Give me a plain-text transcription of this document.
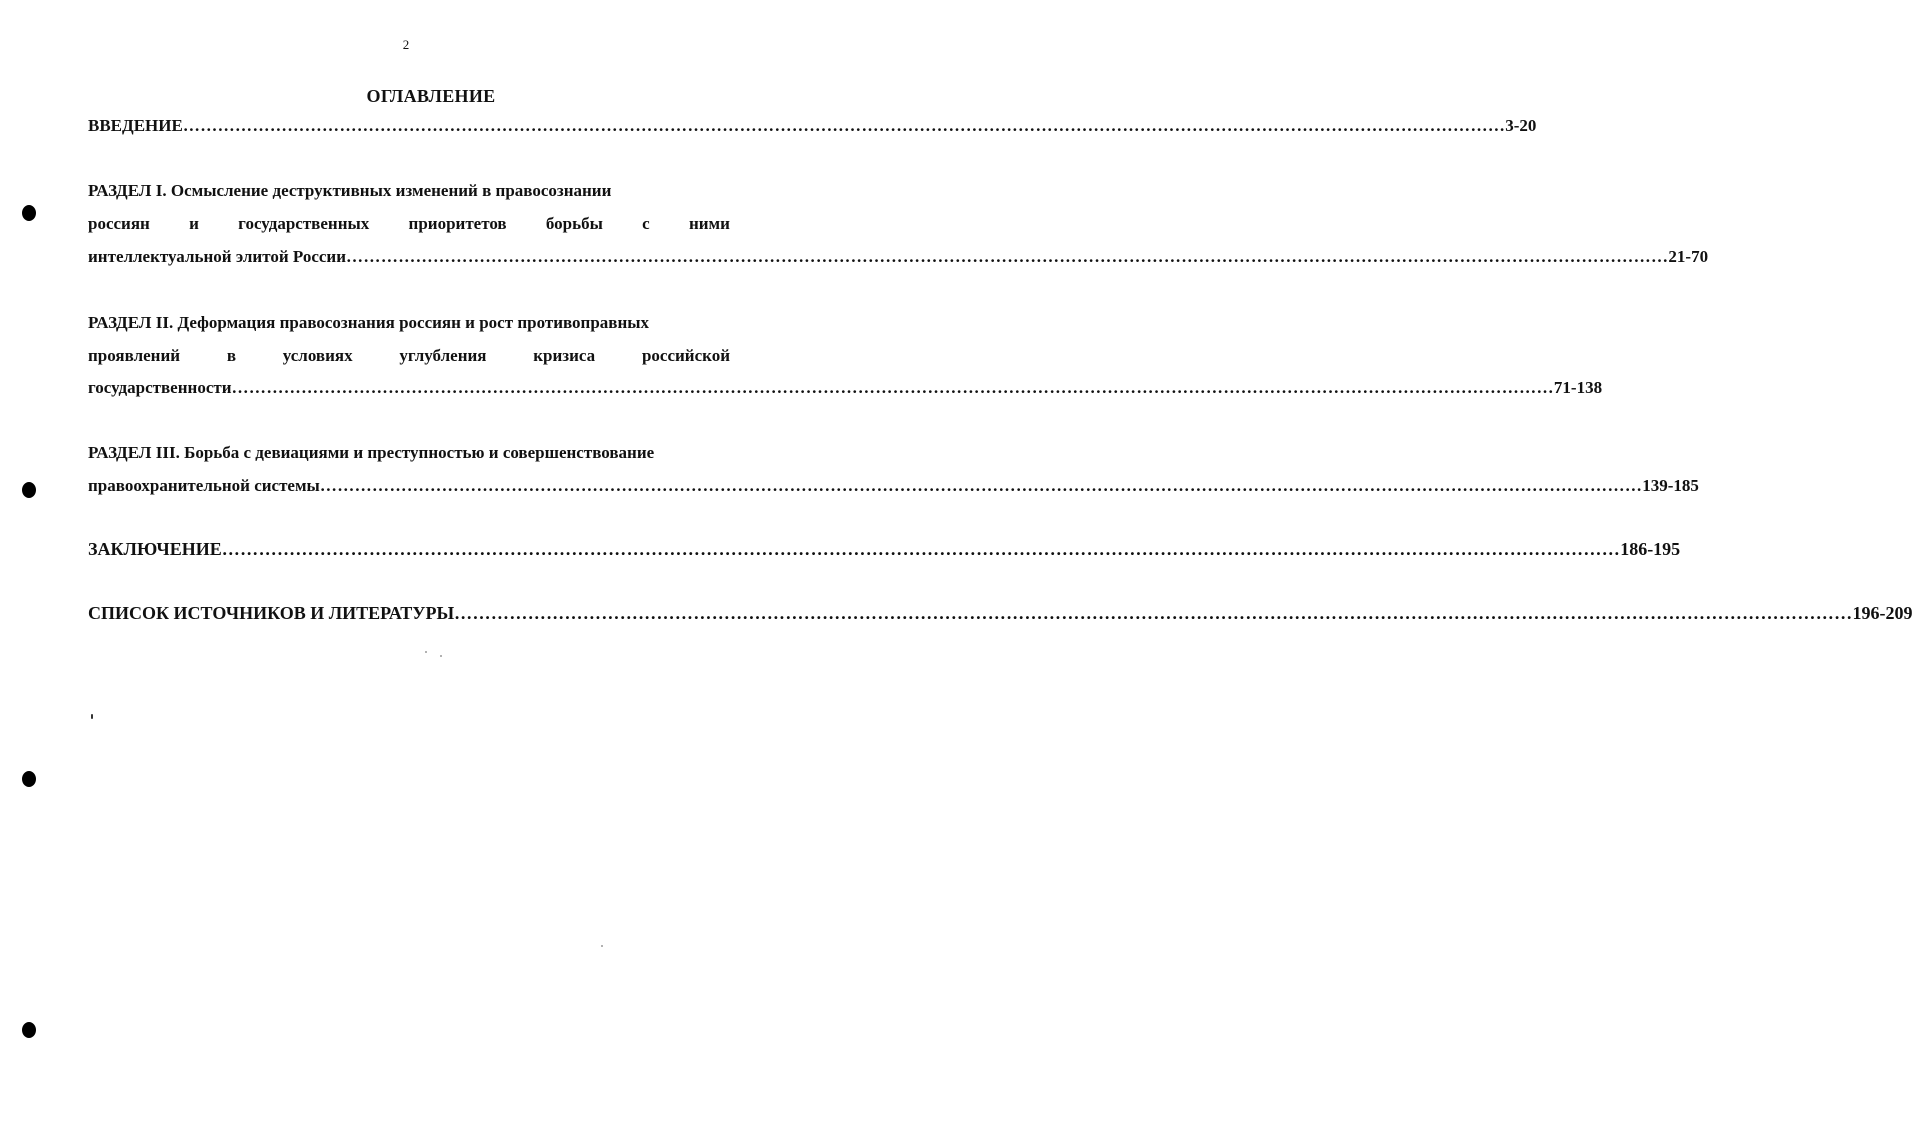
2
ОГЛАВЛЕНИЕ
ВВЕДЕНИЕ ………………………………………………………………………………………………………………………………………………………………………………………………………… 3-20
РАЗДЕЛ I. Осмысление деструктивных изменений в правосознании
россиян и государственных приоритетов борьбы с ними
интеллектуальной элитой России ………………………………………………………………………………………………………………………………………………………………………………………………………… 21-70
РАЗДЕЛ II. Деформация правосознания россиян и рост противоправных
проявлений	в	условиях	углубления	кризиса	российской
государственности ………………………………………………………………………………………………………………………………………………………………………………………………………… 71-138
РАЗДЕЛ III. Борьба с девиациями и преступностью и совершенствование
правоохранительной системы ………………………………………………………………………………………………………………………………………………………………………………………………………… 139-185
ЗАКЛЮЧЕНИЕ ………………………………………………………………………………………………………………………………………………………………………………………………………… 186-195
СПИСОК ИСТОЧНИКОВ И ЛИТЕРАТУРЫ ………………………………………………………………………………………………………………………………………………………………………………………………………… 196-209
